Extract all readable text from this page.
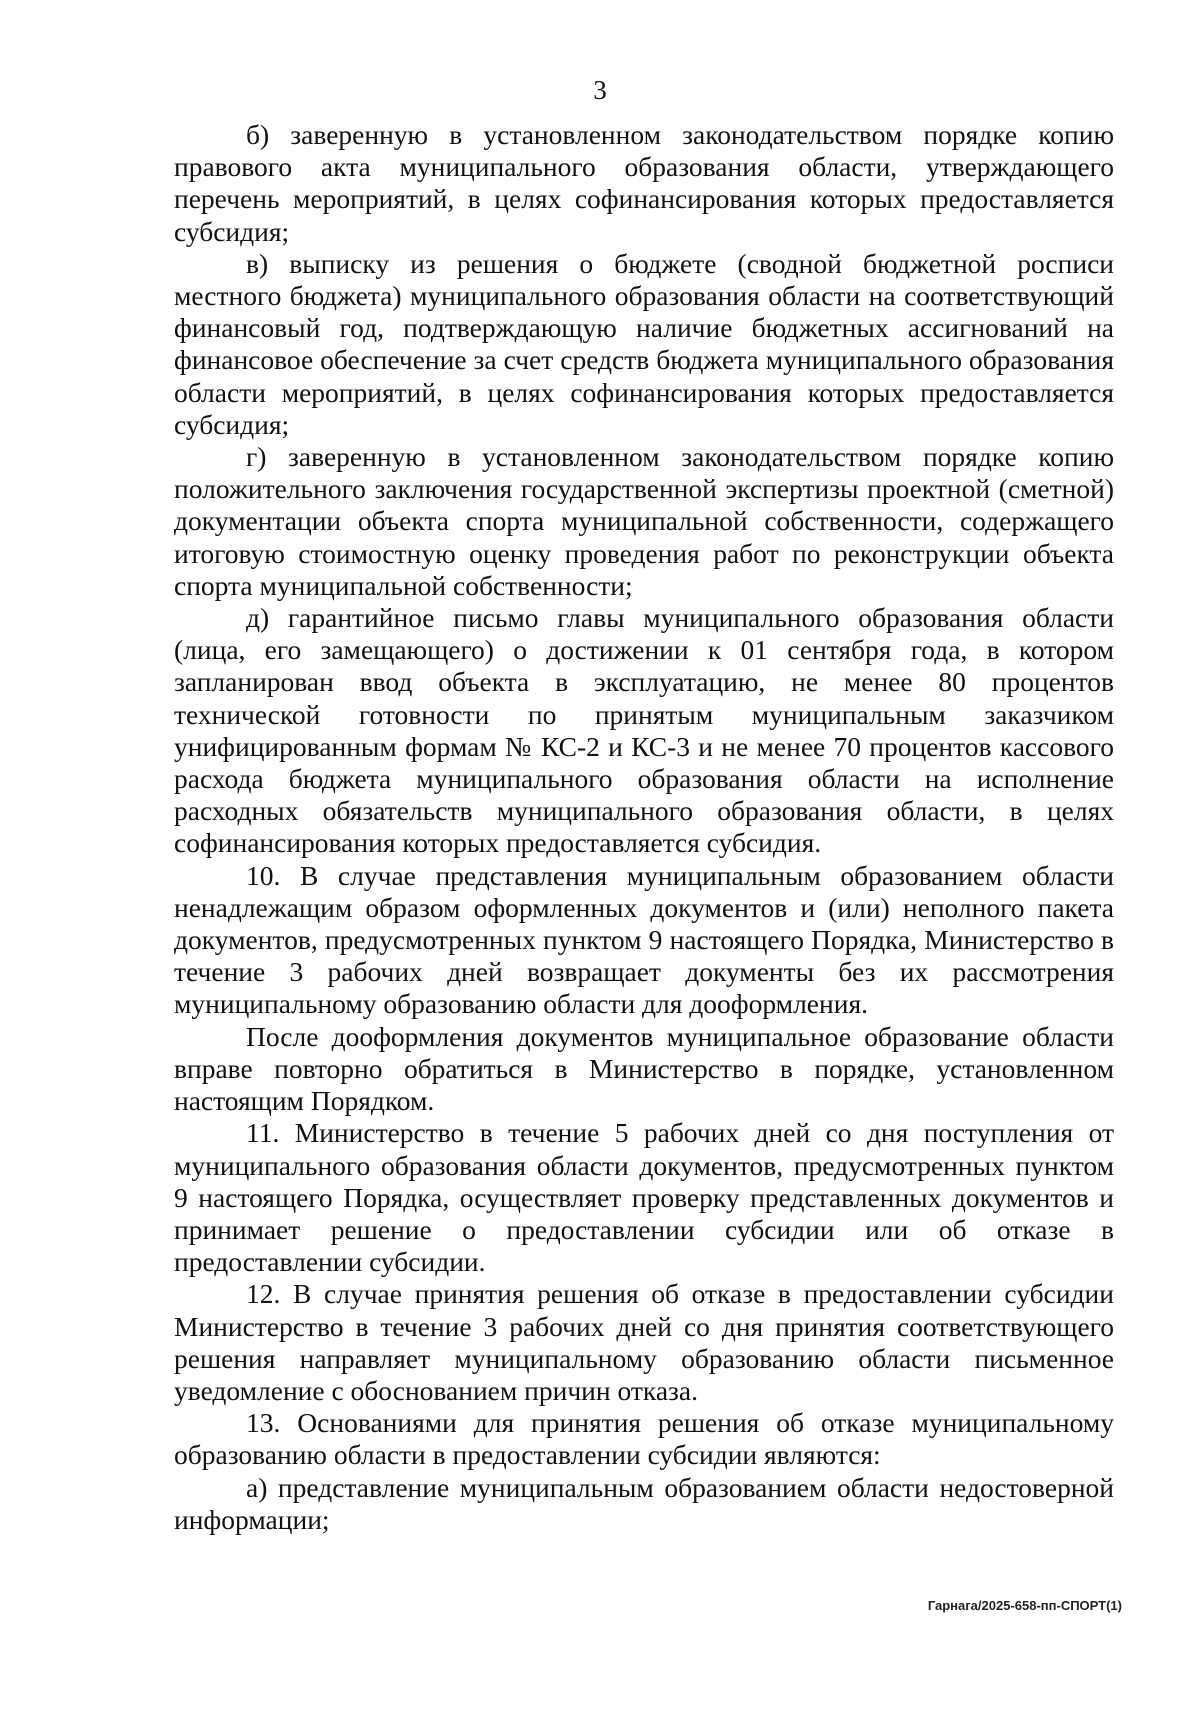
3

б) заверенную в установленном законодательством порядке копию правового акта муниципального образования области, утверждающего перечень мероприятий, в целях софинансирования которых предоставляется субсидия;

в) выписку из решения о бюджете (сводной бюджетной росписи местного бюджета) муниципального образования области на соответствующий финансовый год, подтверждающую наличие бюджетных ассигнований на финансовое обеспечение за счет средств бюджета муниципального образования области мероприятий, в целях софинансирования которых предоставляется субсидия;

г) заверенную в установленном законодательством порядке копию положительного заключения государственной экспертизы проектной (сметной) документации объекта спорта муниципальной собственности, содержащего итоговую стоимостную оценку проведения работ по реконструкции объекта спорта муниципальной собственности;

д) гарантийное письмо главы муниципального образования области (лица, его замещающего) о достижении к 01 сентября года, в котором запланирован ввод объекта в эксплуатацию, не менее 80 процентов технической готовности по принятым муниципальным заказчиком унифицированным формам № КС-2 и КС-3 и не менее 70 процентов кассового расхода бюджета муниципального образования области на исполнение расходных обязательств муниципального образования области, в целях софинансирования которых предоставляется субсидия.

10. В случае представления муниципальным образованием области ненадлежащим образом оформленных документов и (или) неполного пакета документов, предусмотренных пунктом 9 настоящего Порядка, Министерство в течение 3 рабочих дней возвращает документы без их рассмотрения муниципальному образованию области для дооформления.

После дооформления документов муниципальное образование области вправе повторно обратиться в Министерство в порядке, установленном настоящим Порядком.

11. Министерство в течение 5 рабочих дней со дня поступления от муниципального образования области документов, предусмотренных пунктом 9 настоящего Порядка, осуществляет проверку представленных документов и принимает решение о предоставлении субсидии или об отказе в предоставлении субсидии.

12. В случае принятия решения об отказе в предоставлении субсидии Министерство в течение 3 рабочих дней со дня принятия соответствующего решения направляет муниципальному образованию области письменное уведомление с обоснованием причин отказа.

13. Основаниями для принятия решения об отказе муниципальному образованию области в предоставлении субсидии являются:

а) представление муниципальным образованием области недостоверной информации;

Гарнага/2025-658-пп-СПОРТ(1)
